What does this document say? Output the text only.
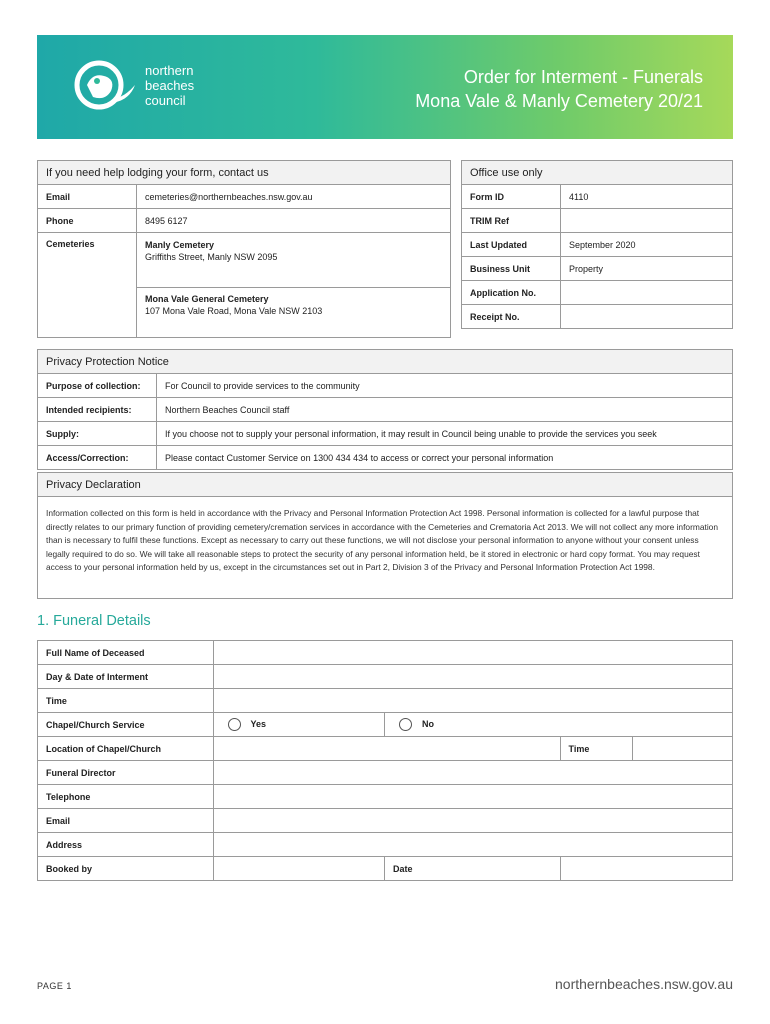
northern
beaches
council
Order for Interment - Funerals
Mona Vale & Manly Cemetery 20/21
If you need help lodging your form, contact us	
Email	cemeteries@northernbeaches.nsw.gov.au
Phone	8495 6127
Cemeteries	Manly Cemetery
Griffiths Street, Manly NSW 2095

	Mona Vale General Cemetery
107 Mona Vale Road, Mona Vale NSW 2103
Office use only	
Form ID	4110
TRIM Ref	
Last Updated	September 2020
Business Unit	Property
Application No.	
Receipt No.	
Privacy Protection Notice	
Purpose of collection:	For Council to provide services to the community
Intended recipients:	Northern Beaches Council staff
Supply:	If you choose not to supply your personal information, it may result in Council being unable to provide the services you seek
Access/Correction:	Please contact Customer Service on 1300 434 434 to access or correct your personal information
Privacy Declaration
Information collected on this form is held in accordance with the Privacy and Personal Information Protection Act 1998. Personal information is collected for a lawful purpose that directly relates to our primary function of providing cemetery/cremation services in accordance with the Cemeteries and Crematoria Act 2013. We will not collect any more information than is necessary to fulfil these functions. Except as necessary to carry out these functions, we will not disclose your personal information to anyone without your consent unless legally required to do so. We will take all reasonable steps to protect the security of any personal information held, be it stored in electronic or hard copy format. You may request access to your personal information held by us, except in the circumstances set out in Part 2, Division 3 of the Privacy and Personal Information Protection Act 1998.
1. Funeral Details
Full Name of Deceased				
Day & Date of Interment				
Time				
Chapel/Church Service	Yes	No		
Location of Chapel/Church			Time	
Funeral Director				
Telephone				
Email				
Address				
Booked by		Date		
PAGE 1	northernbeaches.nsw.gov.au
